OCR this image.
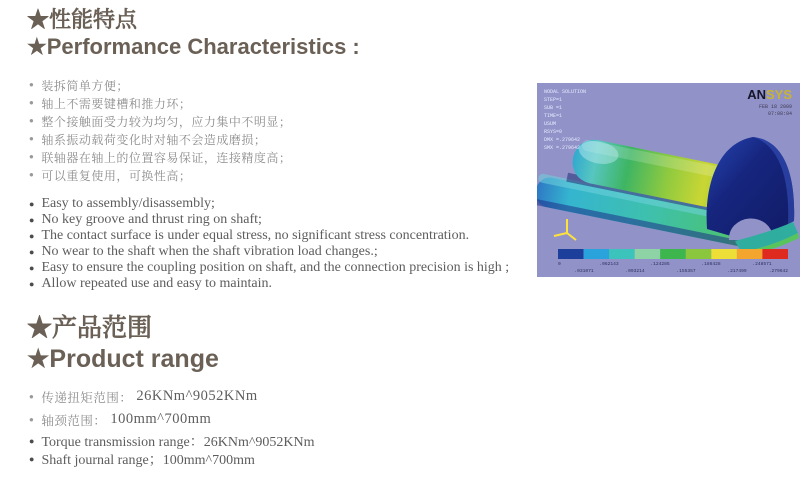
★性能特点
★Performance Characteristics :
● 装拆简单方便；
● 轴上不需要键槽和推力环；
● 整个接触面受力较为均匀，应力集中不明显；
● 轴系振动载荷变化时对轴不会造成磨损；
● 联轴器在轴上的位置容易保证，连接精度高；
● 可以重复使用，可换性高；
● Easy to assembly/disassembly;
● No key groove and thrust ring on shaft;
● The contact surface is under equal stress, no significant stress concentration.
● No wear to the shaft when the shaft vibration load changes.;
● Easy to ensure the coupling position on shaft, and the connection precision is high ;
● Allow repeated use and easy to maintain.
NODAL SOLUTION
STEP=1
SUB =1
TIME=1
USUM
RSYS=0
DMX =.279642
SMX =.279642
ANSYS
FEB 18 2009
07:08:04
0	.062143	.124285	.186428	.248571
.031071	.093214	.155357	.217499	.279642
★产品范围
★Product range
● 传递扭矩范围： 26KNm^9052KNm
● 轴颈范围： 100mm^700mm
● Torque transmission range：26KNm^9052KNm
● Shaft journal range；100mm^700mm
